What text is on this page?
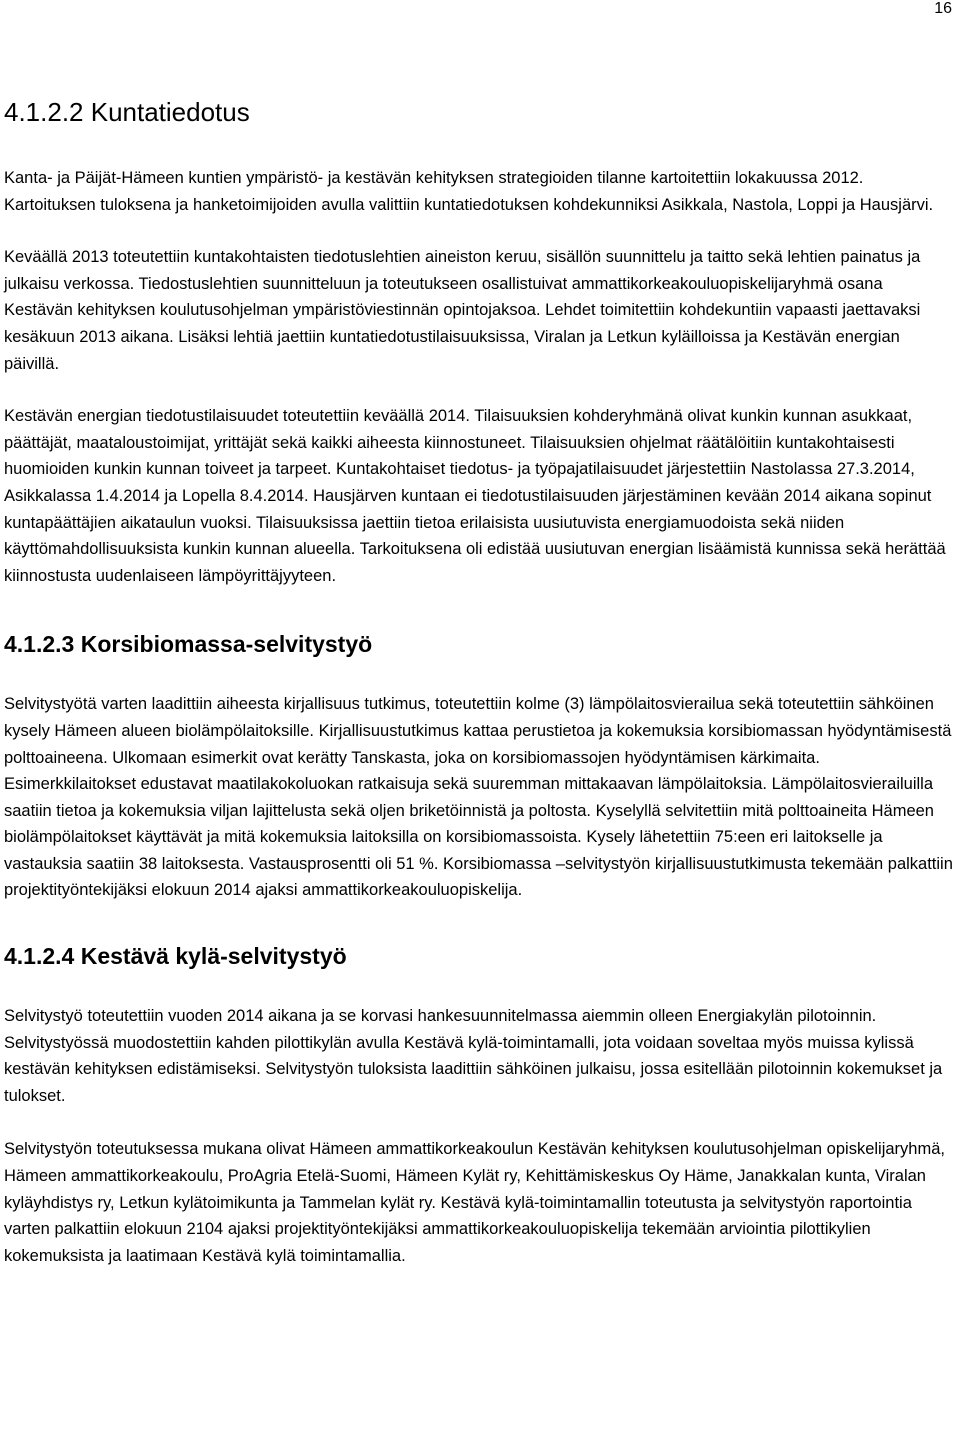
16
4.1.2.2 Kuntatiedotus

Kanta- ja Päijät-Hämeen kuntien ympäristö- ja kestävän kehityksen strategioiden tilanne kartoitettiin lokakuussa 2012. Kartoituksen tuloksena ja hanketoimijoiden avulla valittiin kuntatiedotuksen kohdekunniksi Asikkala, Nastola, Loppi ja Hausjärvi.

Keväällä 2013 toteutettiin kuntakohtaisten tiedotuslehtien aineiston keruu, sisällön suunnittelu ja taitto sekä lehtien painatus ja julkaisu verkossa. Tiedostuslehtien suunnitteluun ja toteutukseen osallistuivat ammattikorkeakouluopiskelijaryhmä osana Kestävän kehityksen koulutusohjelman ympäristöviestinnän opintojaksoa. Lehdet toimitettiin kohdekuntiin vapaasti jaettavaksi kesäkuun 2013 aikana. Lisäksi lehtiä jaettiin kuntatiedotustilaisuuksissa, Viralan ja Letkun kyläilloissa ja Kestävän energian päivillä.

Kestävän energian tiedotustilaisuudet toteutettiin keväällä 2014. Tilaisuuksien kohderyhmänä olivat kunkin kunnan asukkaat, päättäjät, maataloustoimijat, yrittäjät sekä kaikki aiheesta kiinnostuneet. Tilaisuuksien ohjelmat räätälöitiin kuntakohtaisesti huomioiden kunkin kunnan toiveet ja tarpeet. Kuntakohtaiset tiedotus- ja työpajatilaisuudet järjestettiin Nastolassa 27.3.2014, Asikkalassa 1.4.2014 ja Lopella 8.4.2014. Hausjärven kuntaan ei tiedotustilaisuuden järjestäminen kevään 2014 aikana sopinut kuntapäättäjien aikataulun vuoksi. Tilaisuuksissa jaettiin tietoa erilaisista uusiutuvista energiamuodoista sekä niiden käyttömahdollisuuksista kunkin kunnan alueella. Tarkoituksena oli edistää uusiutuvan energian lisäämistä kunnissa sekä herättää kiinnostusta uudenlaiseen lämpöyrittäjyyteen.

4.1.2.3 Korsibiomassa-selvitystyö

Selvitystyötä varten laadittiin aiheesta kirjallisuus tutkimus, toteutettiin kolme (3) lämpölaitosvierailua sekä toteutettiin sähköinen kysely Hämeen alueen biolämpölaitoksille. Kirjallisuustutkimus kattaa perustietoa ja kokemuksia korsibiomassan hyödyntämisestä polttoaineena. Ulkomaan esimerkit ovat kerätty Tanskasta, joka on korsibiomassojen hyödyntämisen kärkimaita. Esimerkkilaitokset edustavat maatilakokoluokan ratkaisuja sekä suuremman mittakaavan lämpölaitoksia. Lämpölaitosvierailuilla saatiin tietoa ja kokemuksia viljan lajittelusta sekä oljen briketöinnistä ja poltosta. Kyselyllä selvitettiin mitä polttoaineita Hämeen biolämpölaitokset käyttävät ja mitä kokemuksia laitoksilla on korsibiomassoista. Kysely lähetettiin 75:een eri laitokselle ja vastauksia saatiin 38 laitoksesta. Vastausprosentti oli 51 %. Korsibiomassa –selvitystyön kirjallisuustutkimusta tekemään palkattiin projektityöntekijäksi elokuun 2014 ajaksi ammattikorkeakouluopiskelija.

4.1.2.4 Kestävä kylä-selvitystyö

Selvitystyö toteutettiin vuoden 2014 aikana ja se korvasi hankesuunnitelmassa aiemmin olleen Energiakylän pilotoinnin. Selvitystyössä muodostettiin kahden pilottikylän avulla Kestävä kylä-toimintamalli, jota voidaan soveltaa myös muissa kylissä kestävän kehityksen edistämiseksi. Selvitystyön tuloksista laadittiin sähköinen julkaisu, jossa esitellään pilotoinnin kokemukset ja tulokset.

Selvitystyön toteutuksessa mukana olivat Hämeen ammattikorkeakoulun Kestävän kehityksen koulutusohjelman opiskelijaryhmä, Hämeen ammattikorkeakoulu, ProAgria Etelä-Suomi, Hämeen Kylät ry, Kehittämiskeskus Oy Häme, Janakkalan kunta, Viralan kyläyhdistys ry, Letkun kylätoimikunta ja Tammelan kylät ry. Kestävä kylä-toimintamallin toteutusta ja selvitystyön raportointia varten palkattiin elokuun 2104 ajaksi projektityöntekijäksi ammattikorkeakouluopiskelija tekemään arviointia pilottikylien kokemuksista ja laatimaan Kestävä kylä toimintamallia.
